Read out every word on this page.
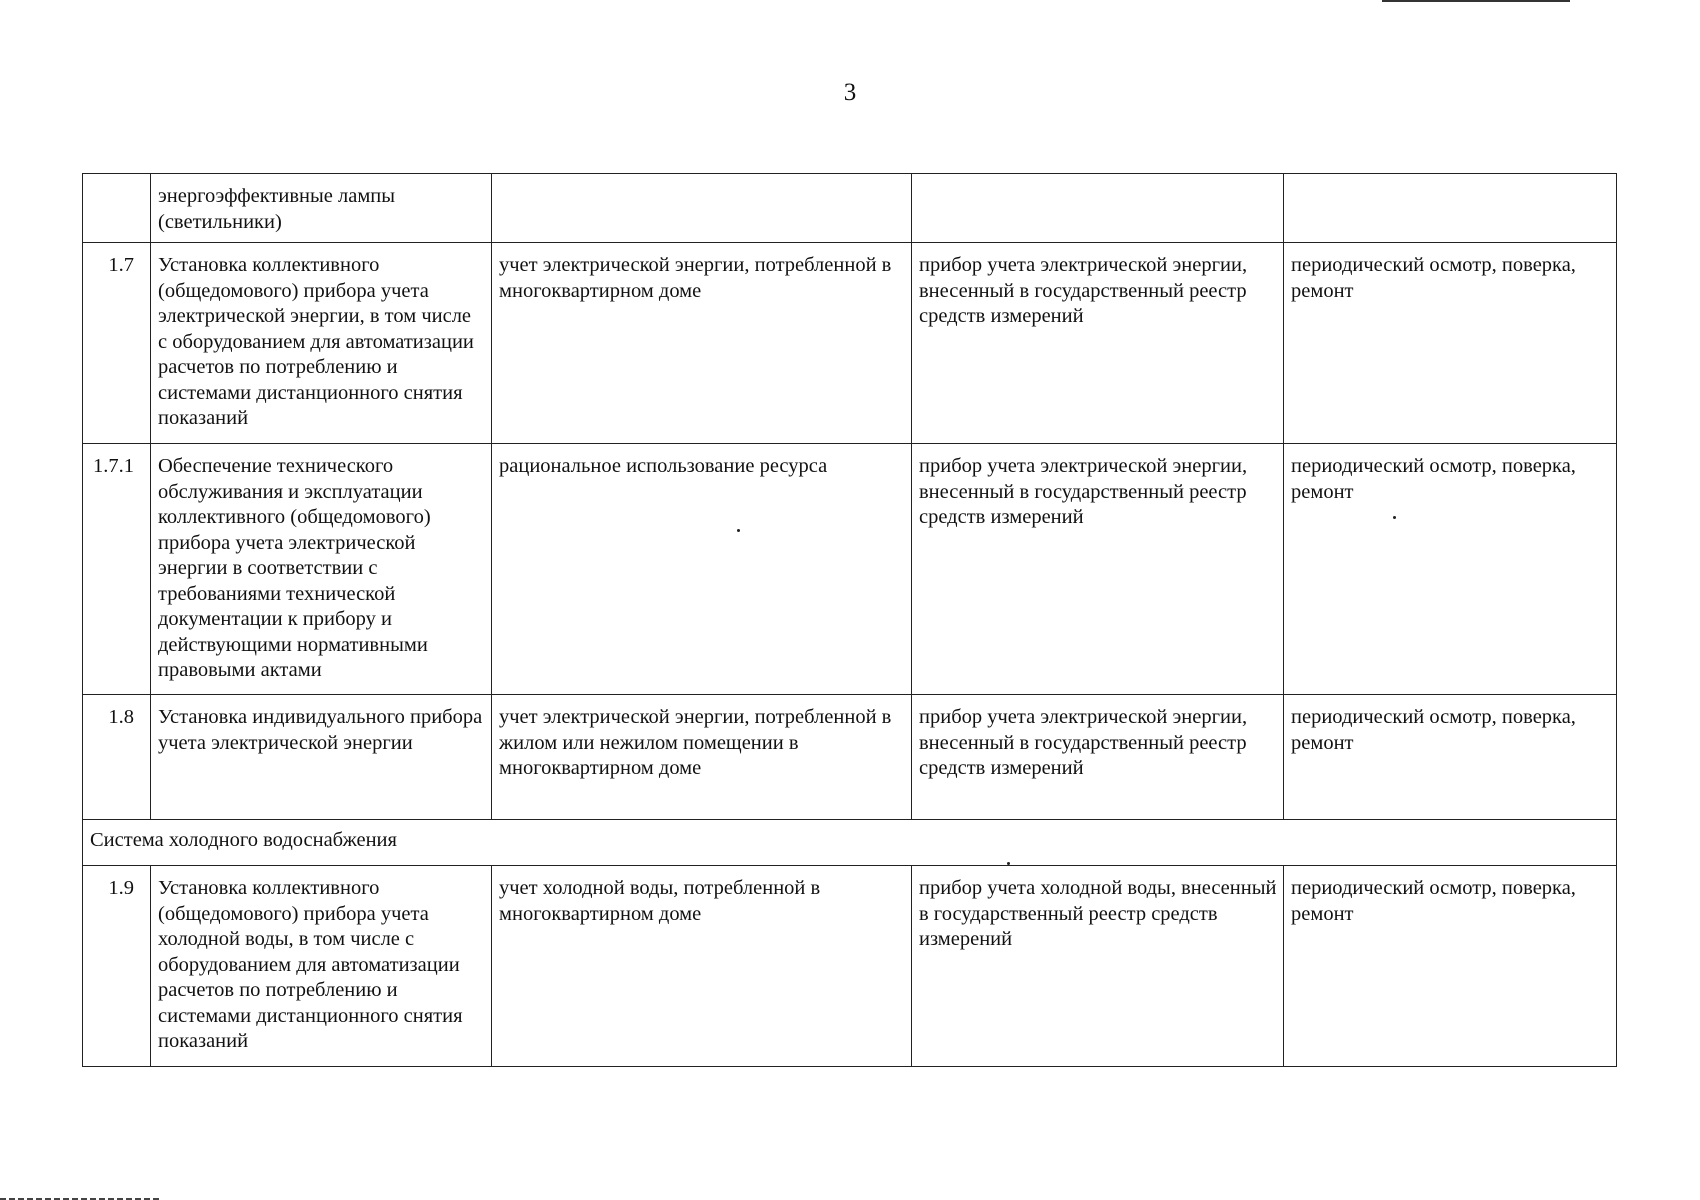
3
	энергоэффективные лампы (светильники)			
1.7	Установка коллективного (общедомового) прибора учета электрической энергии, в том числе с оборудованием для автоматизации расчетов по потреблению и системами дистанционного снятия показаний	учет электрической энергии, потребленной в многоквартирном доме	прибор учета электрической энергии, внесенный в государственный реестр средств измерений	периодический осмотр, поверка, ремонт
1.7.1	Обеспечение технического обслуживания и эксплуатации коллективного (общедомового) прибора учета электрической энергии в соответствии с требованиями технической документации к прибору и действующими нормативными правовыми актами	рациональное использование ресурса	прибор учета электрической энергии, внесенный в государственный реестр средств измерений	периодический осмотр, поверка, ремонт
1.8	Установка индивидуального прибора учета электрической энергии	учет электрической энергии, потребленной в жилом или нежилом помещении в многоквартирном доме	прибор учета электрической энергии, внесенный в государственный реестр средств измерений	периодический осмотр, поверка, ремонт
Система холодного водоснабжения				
1.9	Установка коллективного (общедомового) прибора учета холодной воды, в том числе с оборудованием для автоматизации расчетов по потреблению и системами дистанционного снятия показаний	учет холодной воды, потребленной в многоквартирном доме	прибор учета холодной воды, внесенный в государственный реестр средств измерений	периодический осмотр, поверка, ремонт
